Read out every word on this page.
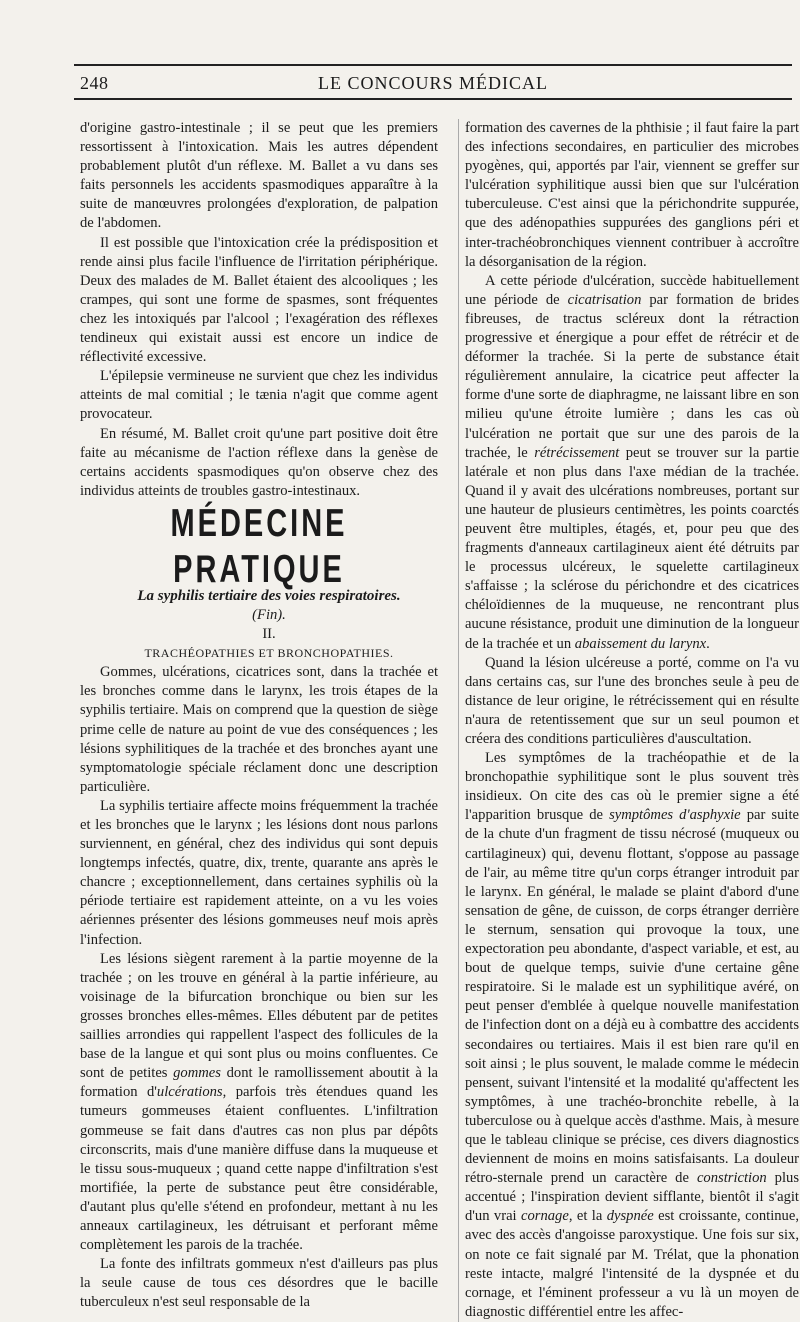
248	LE CONCOURS MÉDICAL

d'origine gastro-intestinale ; il se peut que les premiers ressortissent à l'intoxication. Mais les autres dépendent probablement plutôt d'un réflexe. M. Ballet a vu dans ses faits personnels les accidents spasmodiques apparaître à la suite de manœuvres prolongées d'exploration, de palpation de l'abdomen.

Il est possible que l'intoxication crée la prédisposition et rende ainsi plus facile l'influence de l'irritation périphérique. Deux des malades de M. Ballet étaient des alcooliques ; les crampes, qui sont une forme de spasmes, sont fréquentes chez les intoxiqués par l'alcool ; l'exagération des réflexes tendineux qui existait aussi est encore un indice de réflectivité excessive.

L'épilepsie vermineuse ne survient que chez les individus atteints de mal comitial ; le tænia n'agit que comme agent provocateur.

En résumé, M. Ballet croit qu'une part positive doit être faite au mécanisme de l'action réflexe dans la genèse de certains accidents spasmodiques qu'on observe chez des individus atteints de troubles gastro-intestinaux.

MÉDECINE PRATIQUE

La syphilis tertiaire des voies respiratoires.

(Fin).

II.

TRACHÉOPATHIES ET BRONCHOPATHIES.

Gommes, ulcérations, cicatrices sont, dans la trachée et les bronches comme dans le larynx, les trois étapes de la syphilis tertiaire. Mais on comprend que la question de siège prime celle de nature au point de vue des conséquences ; les lésions syphilitiques de la trachée et des bronches ayant une symptomatologie spéciale réclament donc une description particulière.

La syphilis tertiaire affecte moins fréquemment la trachée et les bronches que le larynx ; les lésions dont nous parlons surviennent, en général, chez des individus qui sont depuis longtemps infectés, quatre, dix, trente, quarante ans après le chancre ; exceptionnellement, dans certaines syphilis où la période tertiaire est rapidement atteinte, on a vu les voies aériennes présenter des lésions gommeuses neuf mois après l'infection.

Les lésions siègent rarement à la partie moyenne de la trachée ; on les trouve en général à la partie inférieure, au voisinage de la bifurcation bronchique ou bien sur les grosses bronches elles-mêmes. Elles débutent par de petites saillies arrondies qui rappellent l'aspect des follicules de la base de la langue et qui sont plus ou moins confluentes. Ce sont de petites gommes dont le ramollissement aboutit à la formation d'ulcérations, parfois très étendues quand les tumeurs gommeuses étaient confluentes. L'infiltration gommeuse se fait dans d'autres cas non plus par dépôts circonscrits, mais d'une manière diffuse dans la muqueuse et le tissu sous-muqueux ; quand cette nappe d'infiltration s'est mortifiée, la perte de substance peut être considérable, d'autant plus qu'elle s'étend en profondeur, mettant à nu les anneaux cartilagineux, les détruisant et perforant même complètement les parois de la trachée.

La fonte des infiltrats gommeux n'est d'ailleurs pas plus la seule cause de tous ces désordres que le bacille tuberculeux n'est seul responsable de la

formation des cavernes de la phthisie ; il faut faire la part des infections secondaires, en particulier des microbes pyogènes, qui, apportés par l'air, viennent se greffer sur l'ulcération syphilitique aussi bien que sur l'ulcération tuberculeuse. C'est ainsi que la périchondrite suppurée, que des adénopathies suppurées des ganglions péri et inter-trachéobronchiques viennent contribuer à accroître la désorganisation de la région.

A cette période d'ulcération, succède habituellement une période de cicatrisation par formation de brides fibreuses, de tractus scléreux dont la rétraction progressive et énergique a pour effet de rétrécir et de déformer la trachée. Si la perte de substance était régulièrement annulaire, la cicatrice peut affecter la forme d'une sorte de diaphragme, ne laissant libre en son milieu qu'une étroite lumière ; dans les cas où l'ulcération ne portait que sur une des parois de la trachée, le rétrécissement peut se trouver sur la partie latérale et non plus dans l'axe médian de la trachée. Quand il y avait des ulcérations nombreuses, portant sur une hauteur de plusieurs centimètres, les points coarctés peuvent être multiples, étagés, et, pour peu que des fragments d'anneaux cartilagineux aient été détruits par le processus ulcéreux, le squelette cartilagineux s'affaisse ; la sclérose du périchondre et des cicatrices chéloïdiennes de la muqueuse, ne rencontrant plus aucune résistance, produit une diminution de la longueur de la trachée et un abaissement du larynx.

Quand la lésion ulcéreuse a porté, comme on l'a vu dans certains cas, sur l'une des bronches seule à peu de distance de leur origine, le rétrécissement qui en résulte n'aura de retentissement que sur un seul poumon et créera des conditions particulières d'auscultation.

Les symptômes de la trachéopathie et de la bronchopathie syphilitique sont le plus souvent très insidieux. On cite des cas où le premier signe a été l'apparition brusque de symptômes d'asphyxie par suite de la chute d'un fragment de tissu nécrosé (muqueux ou cartilagineux) qui, devenu flottant, s'oppose au passage de l'air, au même titre qu'un corps étranger introduit par le larynx. En général, le malade se plaint d'abord d'une sensation de gêne, de cuisson, de corps étranger derrière le sternum, sensation qui provoque la toux, une expectoration peu abondante, d'aspect variable, et est, au bout de quelque temps, suivie d'une certaine gêne respiratoire. Si le malade est un syphilitique avéré, on peut penser d'emblée à quelque nouvelle manifestation de l'infection dont on a déjà eu à combattre des accidents secondaires ou tertiaires. Mais il est bien rare qu'il en soit ainsi ; le plus souvent, le malade comme le médecin pensent, suivant l'intensité et la modalité qu'affectent les symptômes, à une trachéo-bronchite rebelle, à la tuberculose ou à quelque accès d'asthme. Mais, à mesure que le tableau clinique se précise, ces divers diagnostics deviennent de moins en moins satisfaisants. La douleur rétro-sternale prend un caractère de constriction plus accentué ; l'inspiration devient sifflante, bientôt il s'agit d'un vrai cornage, et la dyspnée est croissante, continue, avec des accès d'angoisse paroxystique. Une fois sur six, on note ce fait signalé par M. Trélat, que la phonation reste intacte, malgré l'intensité de la dyspnée et du cornage, et l'éminent professeur a vu là un moyen de diagnostic différentiel entre les affec-
